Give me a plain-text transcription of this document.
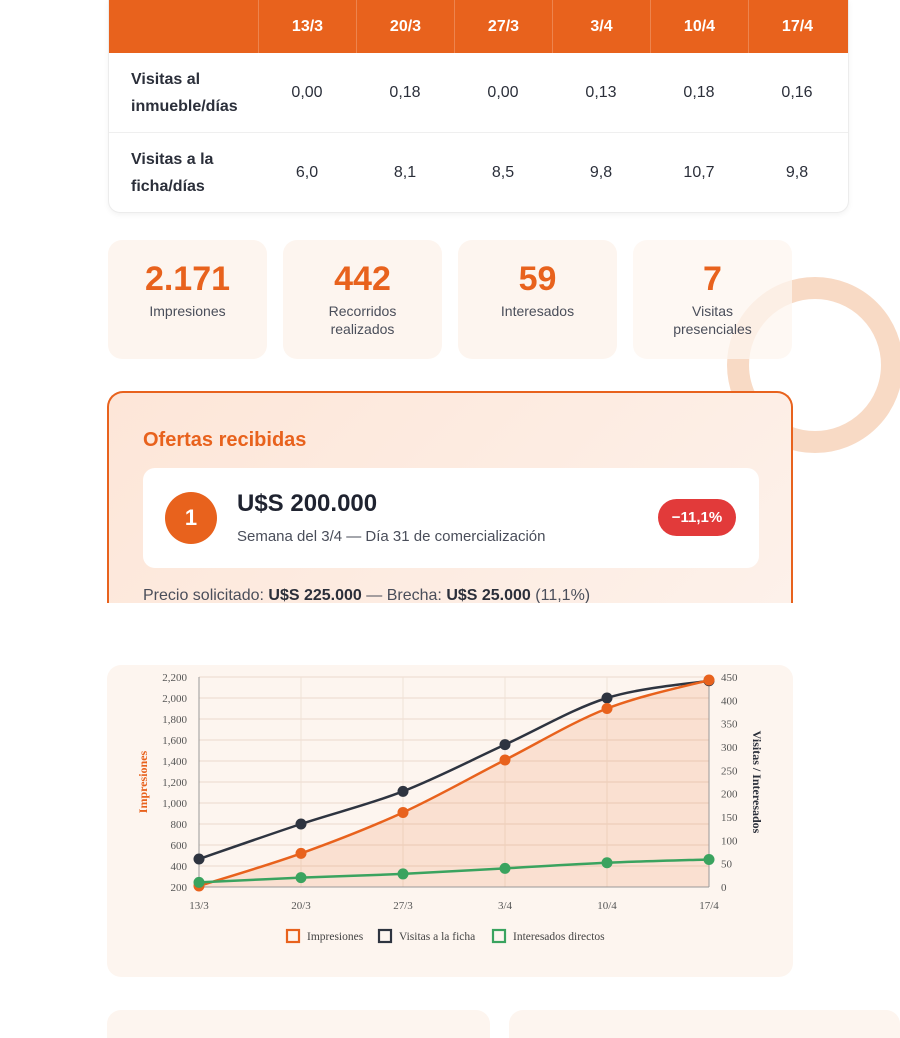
13/3	20/3	27/3	3/4	10/4	17/4
Visitas al inmueble/días
0,00	0,18	0,00	0,13	0,18	0,16
Visitas a la ficha/días
6,0	8,1	8,5	9,8	10,7	9,8
2.171
Impresiones
442
Recorridos realizados
59
Interesados
7
Visitas presenciales
Ofertas recibidas
1
U$S 200.000
Semana del 3/4 — Día 31 de comercialización
−11,1%
Precio solicitado: U$S 225.000 — Brecha: U$S 25.000 (11,1%)
200
400
600
800
1,000
1,200
1,400
1,600
1,800
2,000
2,200
0
50
100
150
200
250
300
350
400
450
13/3	20/3	27/3	3/4	10/4	17/4
Impresiones	Visitas / Interesados
Impresiones	Visitas a la ficha	Interesados directos
